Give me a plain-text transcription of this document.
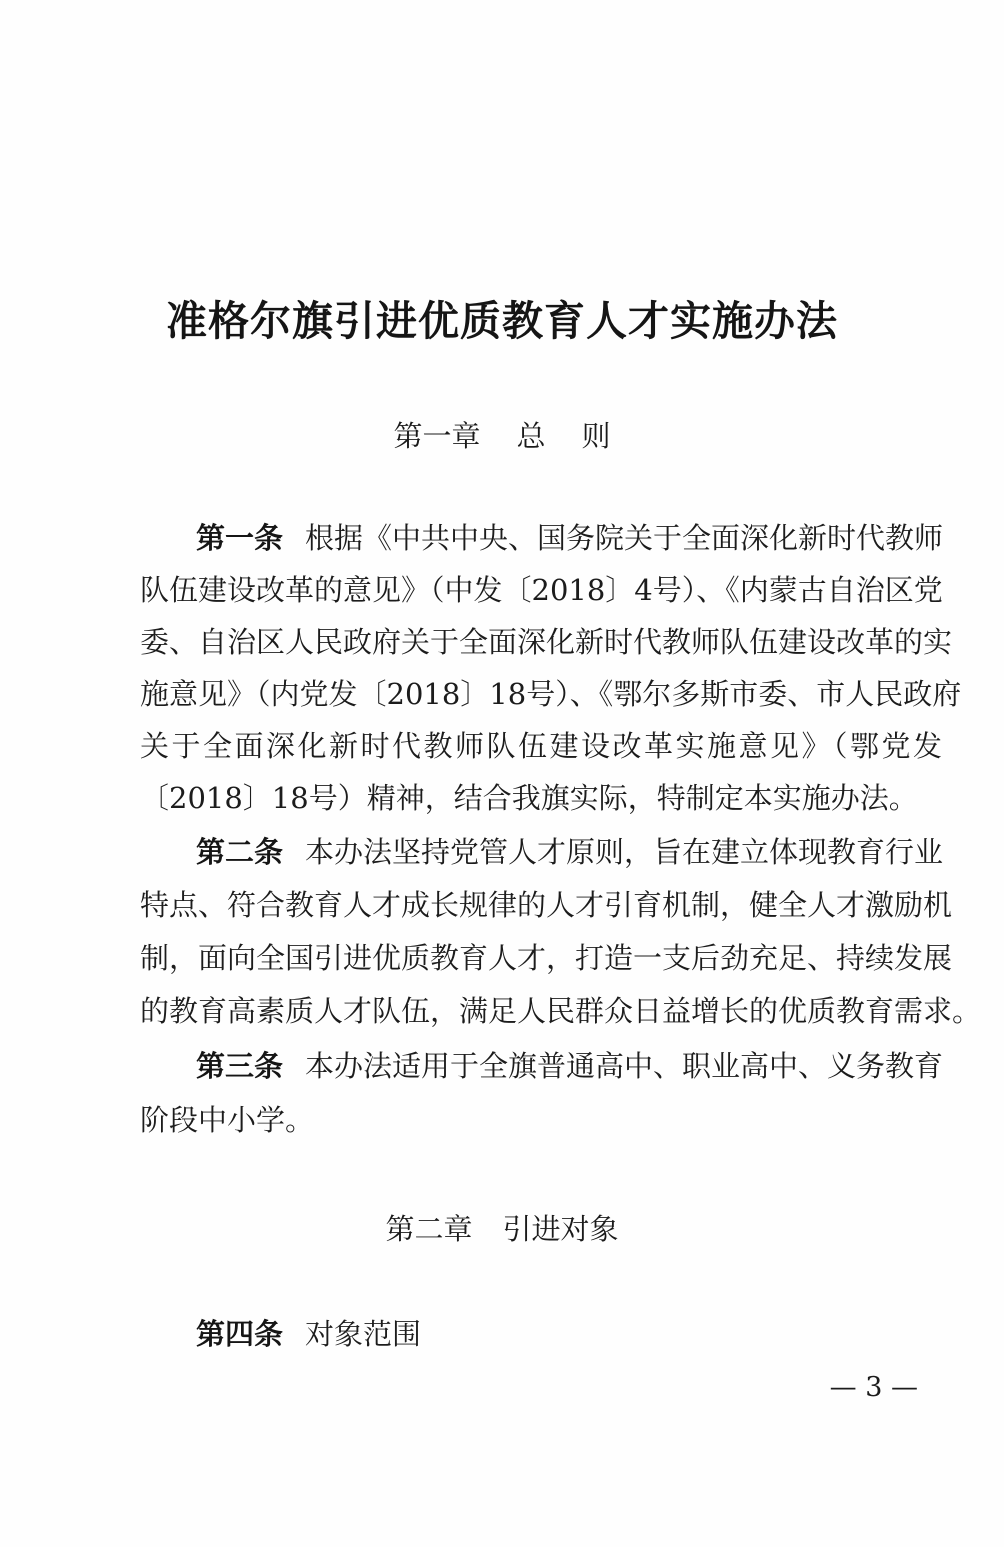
准格尔旗引进优质教育人才实施办法
第一章 总 则
第一条 根据《中共中央、国务院关于全面深化新时代教师
队伍建设改革的意见》（中发〔2018〕4号）、《内蒙古自治区党
委、自治区人民政府关于全面深化新时代教师队伍建设改革的实
施意见》（内党发〔2018〕18号）、《鄂尔多斯市委、市人民政府
关于全面深化新时代教师队伍建设改革实施意见》（鄂党发
〔2018〕18号）精神，结合我旗实际，特制定本实施办法。
第二条 本办法坚持党管人才原则，旨在建立体现教育行业
特点、符合教育人才成长规律的人才引育机制，健全人才激励机
制，面向全国引进优质教育人才，打造一支后劲充足、持续发展
的教育高素质人才队伍，满足人民群众日益增长的优质教育需求。
第三条 本办法适用于全旗普通高中、职业高中、义务教育
阶段中小学。
第二章 引进对象
第四条 对象范围
— 3 —
